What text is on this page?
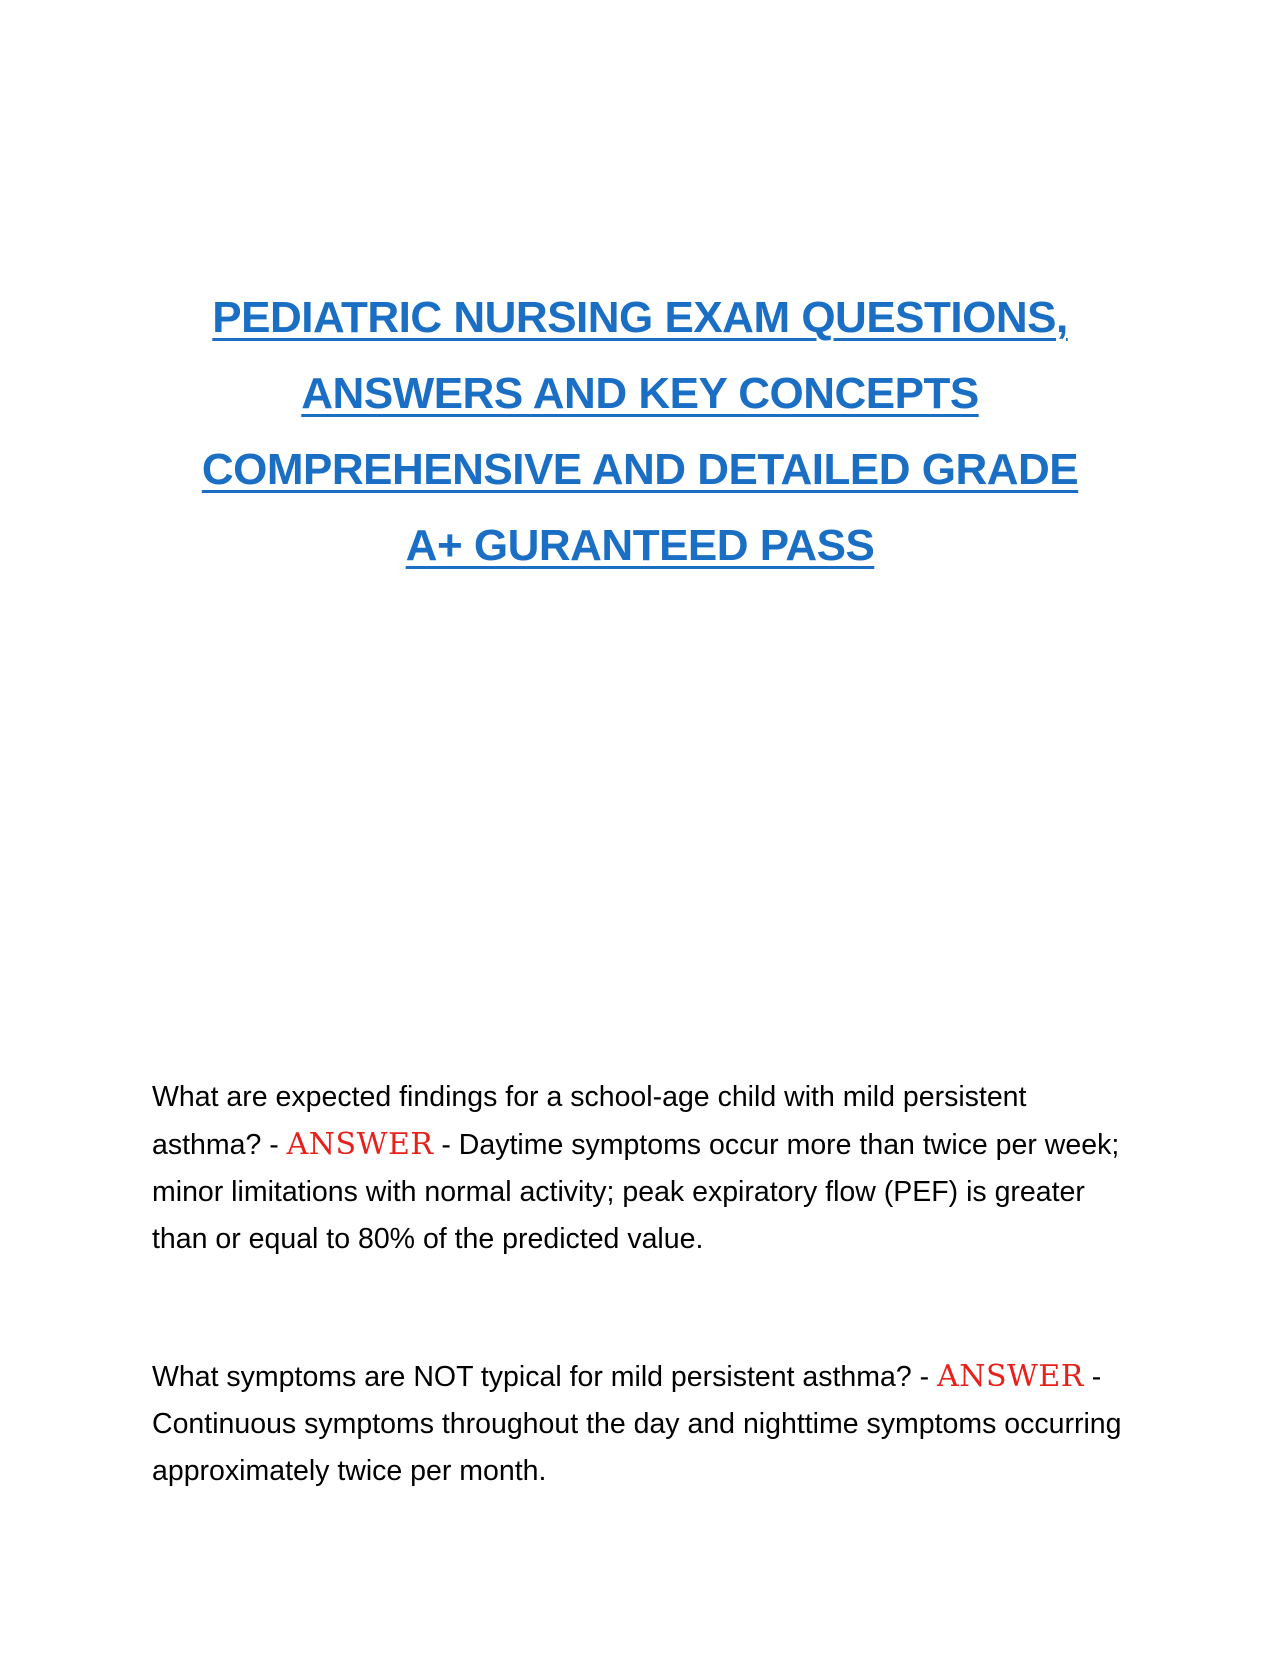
PEDIATRIC NURSING EXAM QUESTIONS,
ANSWERS AND KEY CONCEPTS
COMPREHENSIVE AND DETAILED GRADE
A+ GURANTEED PASS

What are expected findings for a school-age child with mild persistent asthma? - ANSWER - Daytime symptoms occur more than twice per week; minor limitations with normal activity; peak expiratory flow (PEF) is greater than or equal to 80% of the predicted value.

What symptoms are NOT typical for mild persistent asthma? - ANSWER - Continuous symptoms throughout the day and nighttime symptoms occurring approximately twice per month.
